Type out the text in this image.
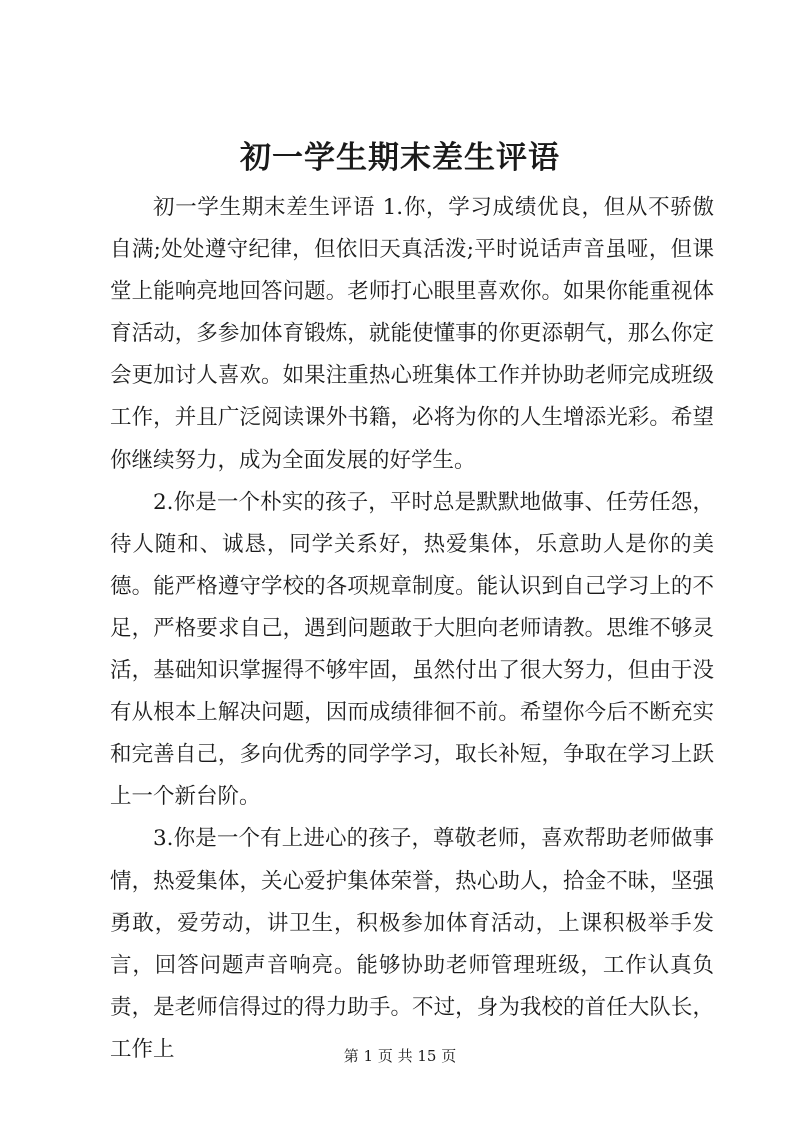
初一学生期末差生评语

初一学生期末差生评语 1.你，学习成绩优良，但从不骄傲自满;处处遵守纪律，但依旧天真活泼;平时说话声音虽哑，但课堂上能响亮地回答问题。老师打心眼里喜欢你。如果你能重视体育活动，多参加体育锻炼，就能使懂事的你更添朝气，那么你定会更加讨人喜欢。如果注重热心班集体工作并协助老师完成班级工作，并且广泛阅读课外书籍，必将为你的人生增添光彩。希望你继续努力，成为全面发展的好学生。

2.你是一个朴实的孩子，平时总是默默地做事、任劳任怨，待人随和、诚恳，同学关系好，热爱集体，乐意助人是你的美德。能严格遵守学校的各项规章制度。能认识到自己学习上的不足，严格要求自己，遇到问题敢于大胆向老师请教。思维不够灵活，基础知识掌握得不够牢固，虽然付出了很大努力，但由于没有从根本上解决问题，因而成绩徘徊不前。希望你今后不断充实和完善自己，多向优秀的同学学习，取长补短，争取在学习上跃上一个新台阶。

3.你是一个有上进心的孩子，尊敬老师，喜欢帮助老师做事情，热爱集体，关心爱护集体荣誉，热心助人，拾金不昧，坚强勇敢，爱劳动，讲卫生，积极参加体育活动，上课积极举手发言，回答问题声音响亮。能够协助老师管理班级，工作认真负责，是老师信得过的得力助手。不过，身为我校的首任大队长，工作上	第 1 页 共 15 页
